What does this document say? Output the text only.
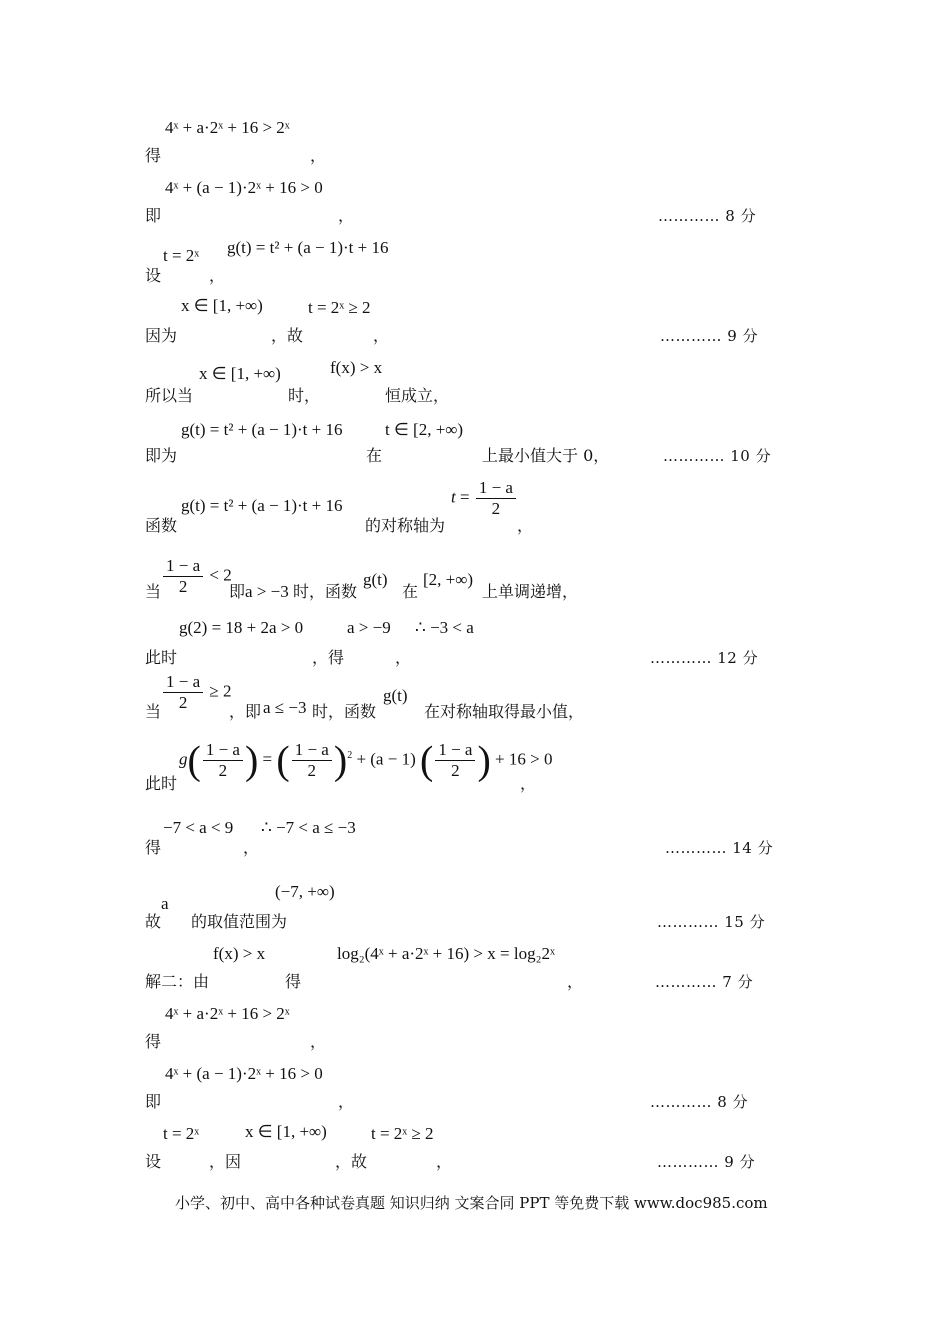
得
4ˣ + a·2ˣ + 16 > 2ˣ
，
即
4ˣ + (a − 1)·2ˣ + 16 > 0
，	………… 8 分
设
t = 2ˣ
，
g(t) = t² + (a − 1)·t + 16
因为
x ∈ [1, +∞)
，故
t = 2ˣ ≥ 2
，	………… 9 分
所以当
x ∈ [1, +∞)
时，
f(x) > x
恒成立，
即为
g(t) = t² + (a − 1)·t + 16
在
t ∈ [2, +∞)
上最小值大于 0，	………… 10 分
函数
g(t) = t² + (a − 1)·t + 16
的对称轴为
$t = \frac{1 - a}{2}$
，
当 $\frac{1 - a}{2} < 2$
即 a > −3 时，函数
g(t)
在
[2, +∞)
上单调递增，
此时
g(2) = 18 + 2a > 0
，得
a > −9
，
∴ −3 < a
………… 12 分
当 $\frac{1 - a}{2} \ge 2$
，即 a ≤ −3 时，函数
g(t)
在对称轴取得最小值，
此时
$g( \frac{1 - a}{2}$ ) = ( $\frac{1 - a}{2} )^2 + (a - 1)$ ( $\frac{1 - a}{2}$ ) + 16 > 0
，
得
−7 < a < 9
，
∴ −7 < a ≤ −3
………… 14 分
故
a
　的取值范围为
(−7, +∞)
………… 15 分
解二：由
f(x) > x
得
log₂(4ˣ + a·2ˣ + 16) > x = log₂2ˣ
，	………… 7 分
得
4ˣ + a·2ˣ + 16 > 2ˣ
，
即
4ˣ + (a − 1)·2ˣ + 16 > 0
，	………… 8 分
设
t = 2ˣ
，因
x ∈ [1, +∞)
，故
t = 2ˣ ≥ 2
，	………… 9 分
小学、初中、高中各种试卷真题 知识归纳 文案合同 PPT 等免费下载 www.doc985.com
